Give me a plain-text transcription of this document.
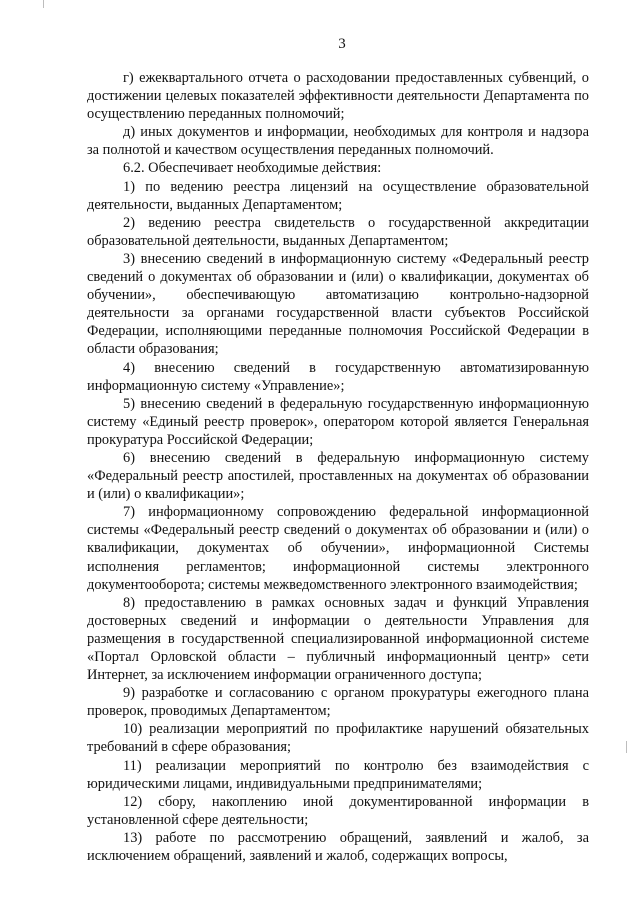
3

г) ежеквартального отчета о расходовании предоставленных субвенций, о достижении целевых показателей эффективности деятельности Департамента по осуществлению переданных полномочий;

д) иных документов и информации, необходимых для контроля и надзора за полнотой и качеством осуществления переданных полномочий.

6.2. Обеспечивает необходимые действия:

1) по ведению реестра лицензий на осуществление образовательной деятельности, выданных Департаментом;

2) ведению реестра свидетельств о государственной аккредитации образовательной деятельности, выданных Департаментом;

3) внесению сведений в информационную систему «Федеральный реестр сведений о документах об образовании и (или) о квалификации, документах об обучении», обеспечивающую автоматизацию контрольно-надзорной деятельности за органами государственной власти субъектов Российской Федерации, исполняющими переданные полномочия Российской Федерации в области образования;

4) внесению сведений в государственную автоматизированную информационную систему «Управление»;

5) внесению сведений в федеральную государственную информационную систему «Единый реестр проверок», оператором которой является Генеральная прокуратура Российской Федерации;

6) внесению сведений в федеральную информационную систему «Федеральный реестр апостилей, проставленных на документах об образовании и (или) о квалификации»;

7) информационному сопровождению федеральной информационной системы «Федеральный реестр сведений о документах об образовании и (или) о квалификации, документах об обучении», информационной Системы исполнения регламентов; информационной системы электронного документооборота; системы межведомственного электронного взаимодействия;

8) предоставлению в рамках основных задач и функций Управления достоверных сведений и информации о деятельности Управления для размещения в государственной специализированной информационной системе «Портал Орловской области – публичный информационный центр» сети Интернет, за исключением информации ограниченного доступа;

9) разработке и согласованию с органом прокуратуры ежегодного плана проверок, проводимых Департаментом;

10) реализации мероприятий по профилактике нарушений обязательных требований в сфере образования;

11) реализации мероприятий по контролю без взаимодействия с юридическими лицами, индивидуальными предпринимателями;

12) сбору, накоплению иной документированной информации в установленной сфере деятельности;

13) работе по рассмотрению обращений, заявлений и жалоб, за исключением обращений, заявлений и жалоб, содержащих вопросы,
